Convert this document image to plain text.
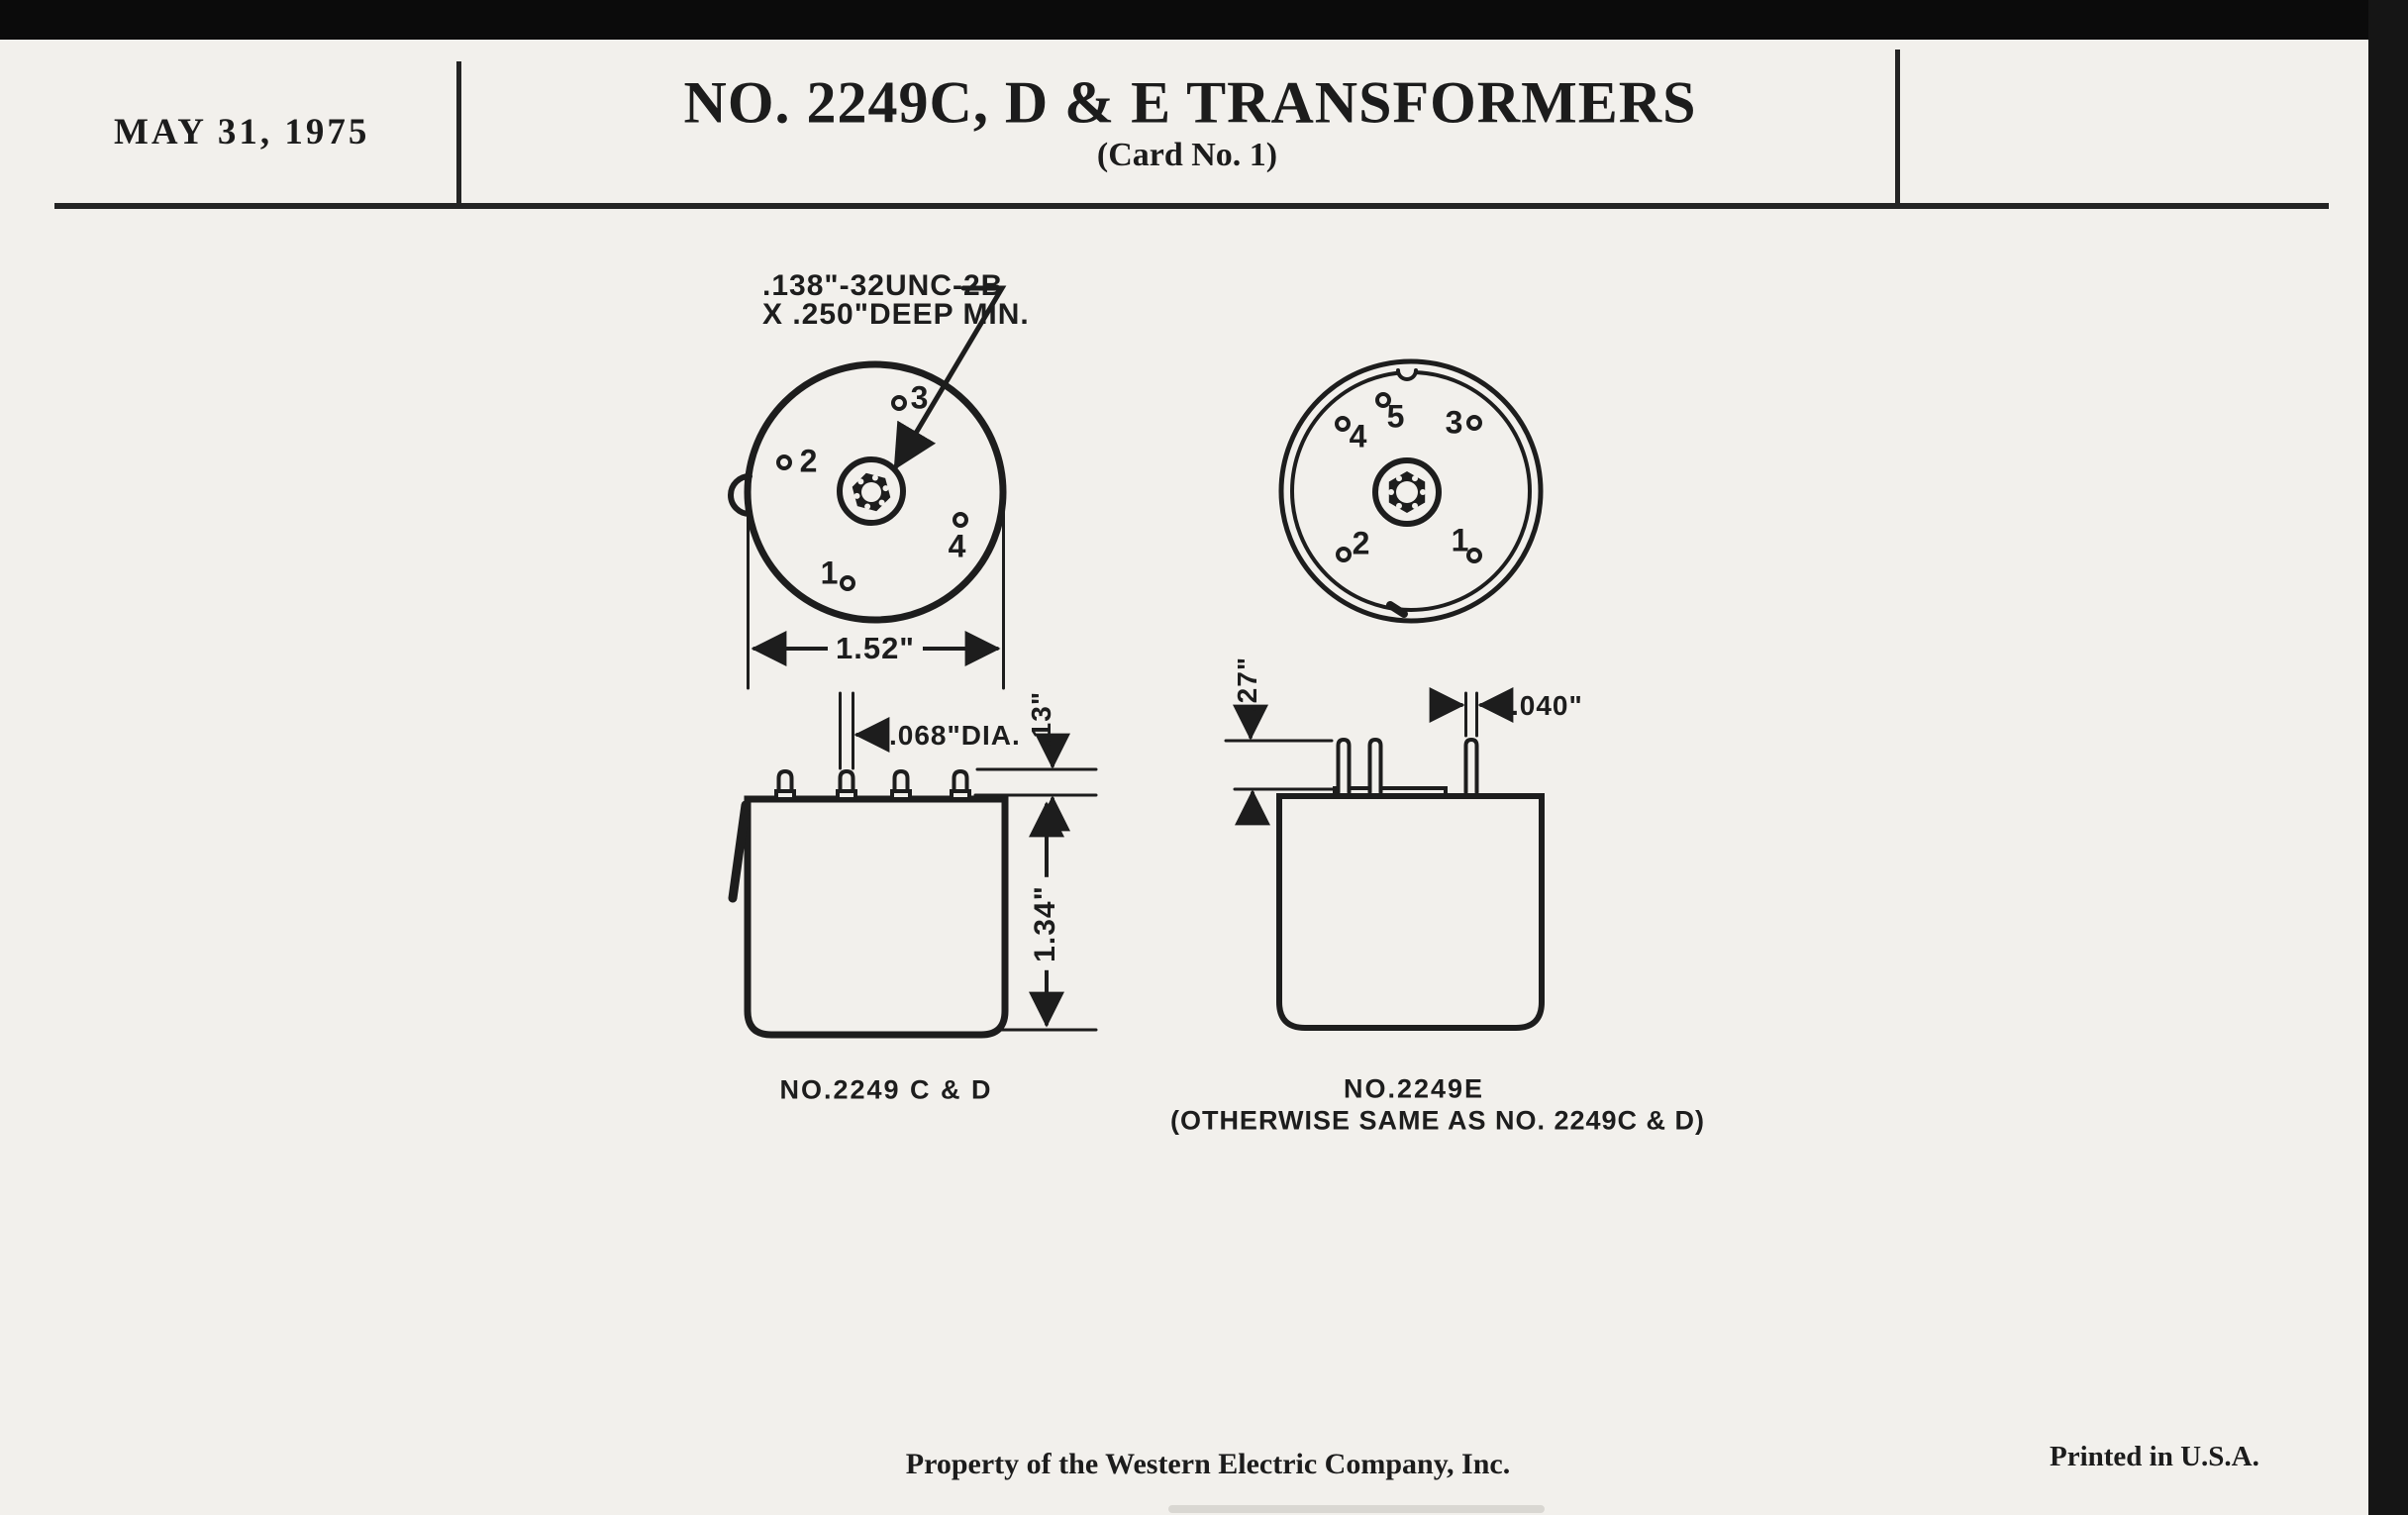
MAY 31, 1975	NO. 2249C, D & E TRANSFORMERS
(Card No. 1)
.138"-32UNC-2B
X .250"DEEP MIN.
1
2
3
4
1.52"
.068"DIA. .13"
1.34"
1
2
3
4
5
.27"	.040"
NO.2249 C & D	NO.2249E
(OTHERWISE SAME AS NO. 2249C & D)
Property of the Western Electric Company, Inc.	Printed in U.S.A.
